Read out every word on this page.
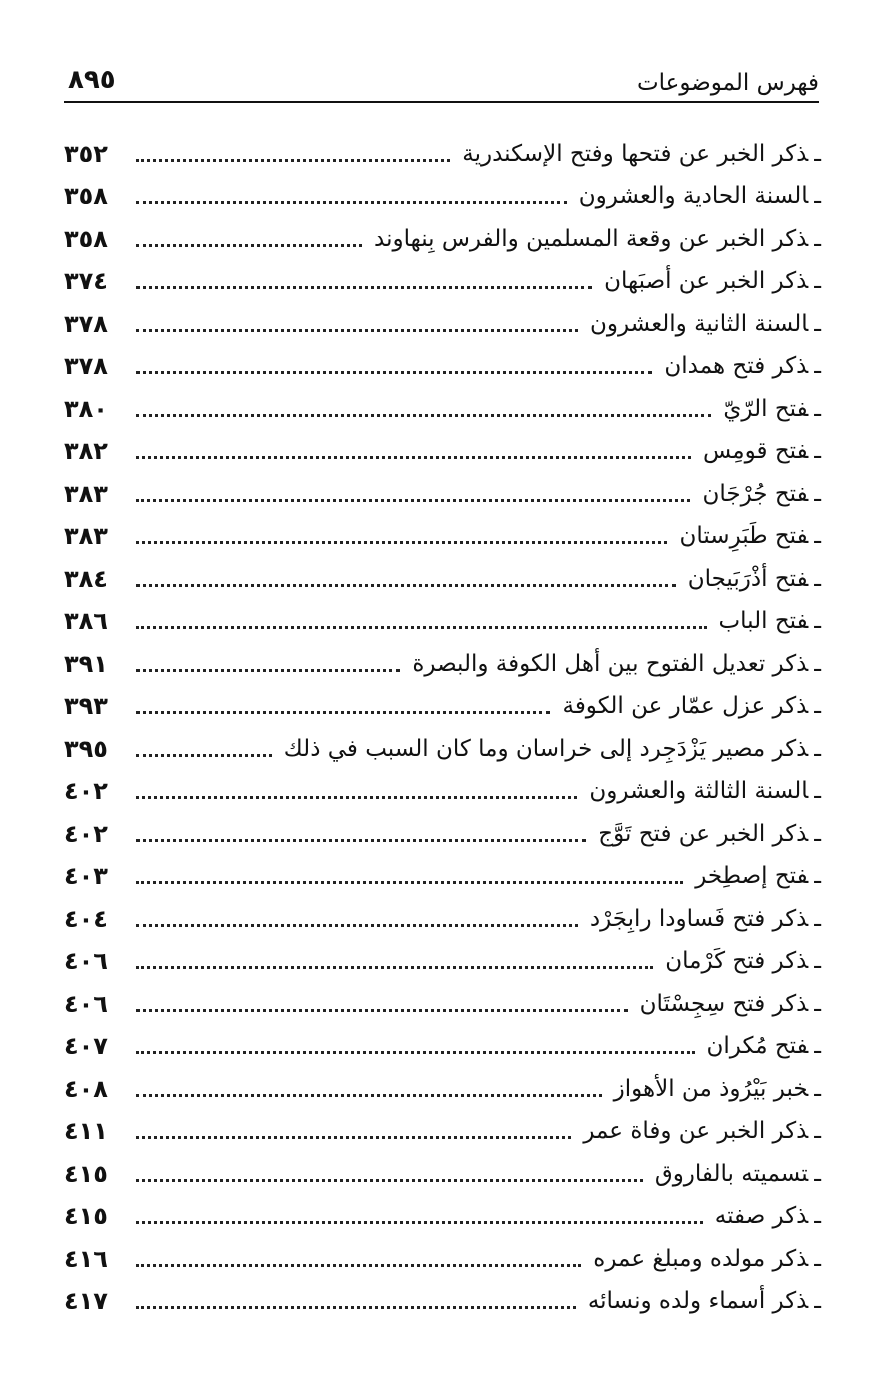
فهرس الموضوعات
٨٩٥
ـذكر الخبر عن فتحها وفتح الإسكندرية
٣٥٢
ـالسنة الحادية والعشرون
٣٥٨
ـذكر الخبر عن وقعة المسلمين والفرس بِنهاوند
٣٥٨
ـذكر الخبر عن أصبَهان
٣٧٤
ـالسنة الثانية والعشرون
٣٧٨
ـذكر فتح همدان
٣٧٨
ـفتح الرّيّ
٣٨٠
ـفتح قومِس
٣٨٢
ـفتح جُرْجَان
٣٨٣
ـفتح طَبَرِستان
٣٨٣
ـفتح أذْرَبَيجان
٣٨٤
ـفتح الباب
٣٨٦
ـذكر تعديل الفتوح بين أهل الكوفة والبصرة
٣٩١
ـذكر عزل عمّار عن الكوفة
٣٩٣
ـذكر مصير يَزْدَجِرد إلى خراسان وما كان السبب في ذلك
٣٩٥
ـالسنة الثالثة والعشرون
٤٠٢
ـذكر الخبر عن فتح تَوَّج
٤٠٢
ـفتح إصطِخر
٤٠٣
ـذكر فتح فَساودا رابِجَرْد
٤٠٤
ـذكر فتح كَرْمان
٤٠٦
ـذكر فتح سِجِسْتَان
٤٠٦
ـفتح مُكران
٤٠٧
ـخبر بَيْرُوذ من الأهواز
٤٠٨
ـذكر الخبر عن وفاة عمر
٤١١
ـتسميته بالفاروق
٤١٥
ـذكر صفته
٤١٥
ـذكر مولده ومبلغ عمره
٤١٦
ـذكر أسماء ولده ونسائه
٤١٧
